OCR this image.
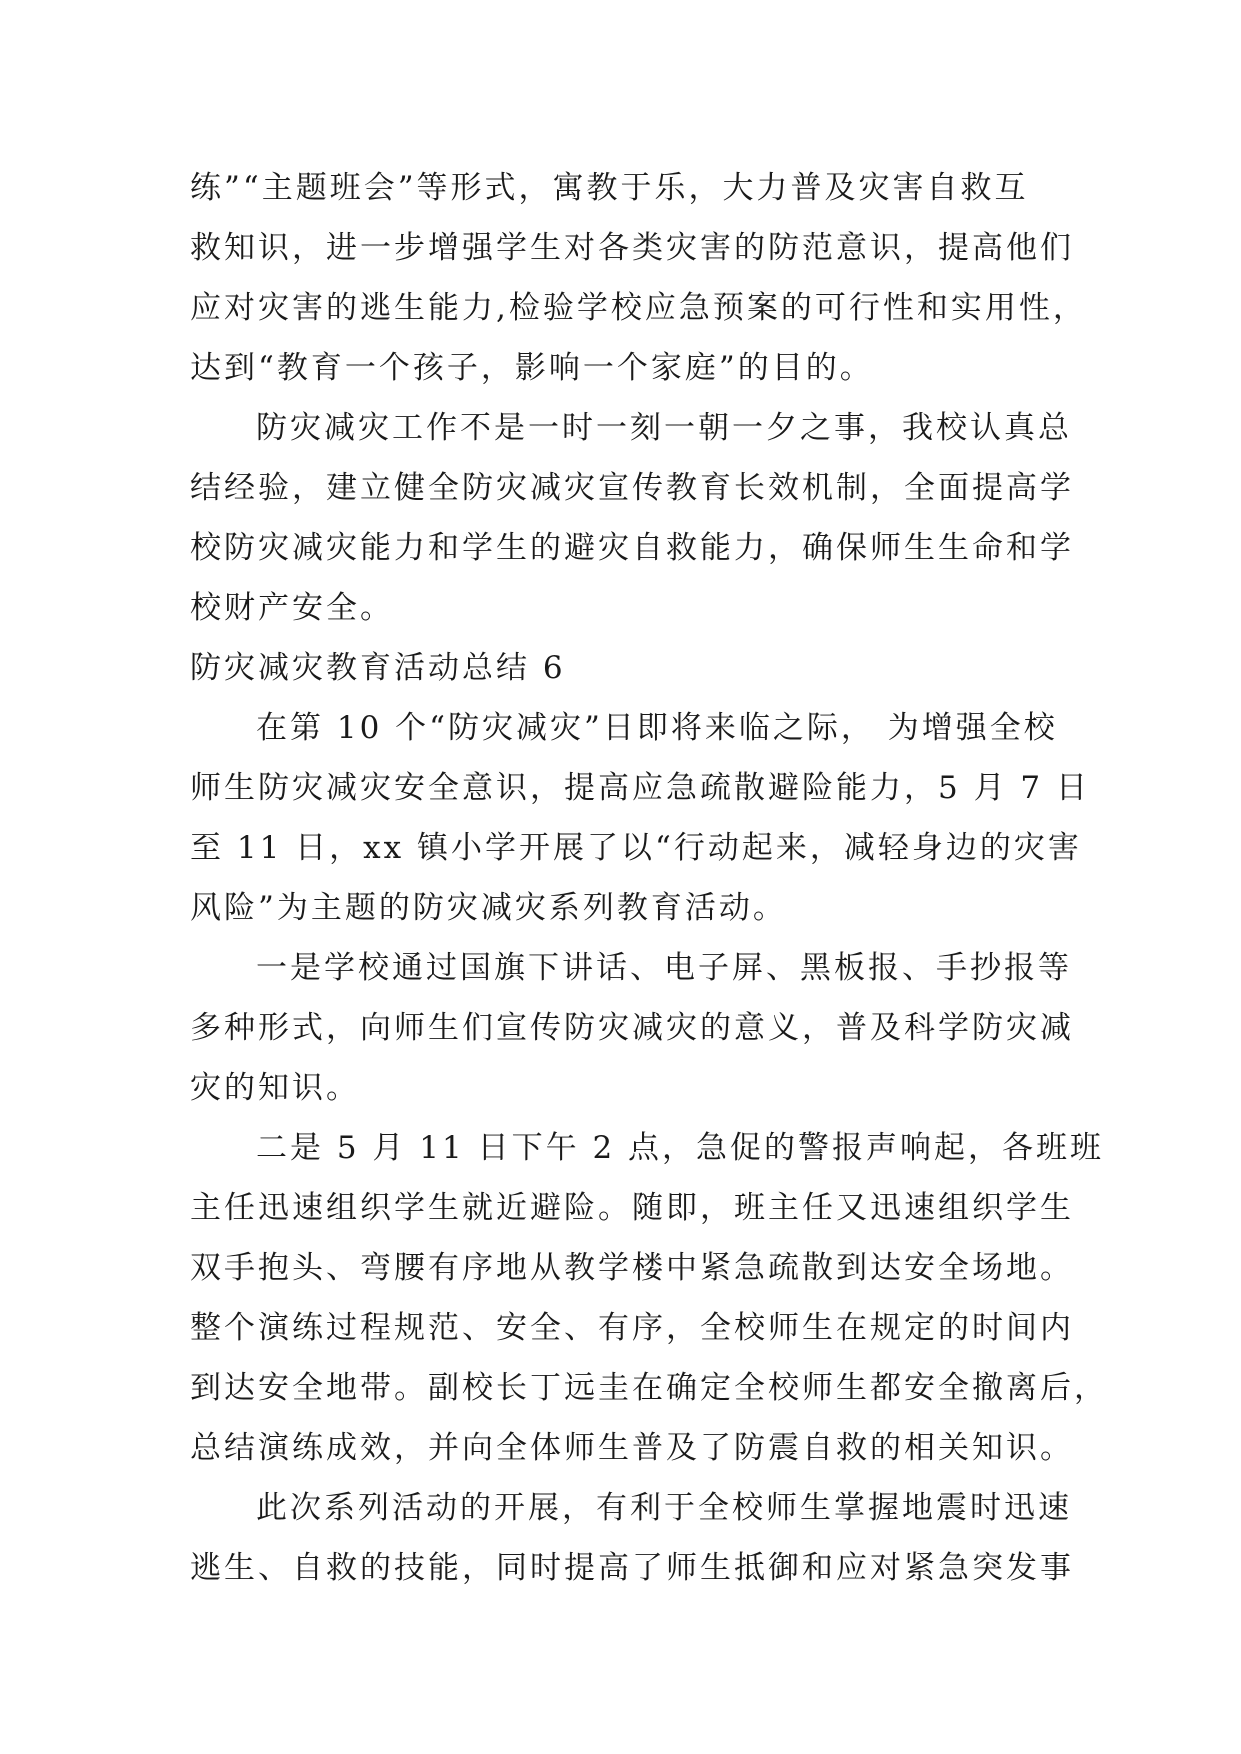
练”“主题班会”等形式，寓教于乐，大力普及灾害自救互
救知识，进一步增强学生对各类灾害的防范意识，提高他们
应对灾害的逃生能力,检验学校应急预案的可行性和实用性，
达到“教育一个孩子，影响一个家庭”的目的。
防灾减灾工作不是一时一刻一朝一夕之事，我校认真总
结经验，建立健全防灾减灾宣传教育长效机制，全面提高学
校防灾减灾能力和学生的避灾自救能力，确保师生生命和学
校财产安全。
防灾减灾教育活动总结 6
在第 10 个“防灾减灾”日即将来临之际， 为增强全校
师生防灾减灾安全意识，提高应急疏散避险能力，5 月 7 日
至 11 日，xx 镇小学开展了以“行动起来，减轻身边的灾害
风险”为主题的防灾减灾系列教育活动。
一是学校通过国旗下讲话、电子屏、黑板报、手抄报等
多种形式，向师生们宣传防灾减灾的意义，普及科学防灾减
灾的知识。
二是 5 月 11 日下午 2 点，急促的警报声响起，各班班
主任迅速组织学生就近避险。随即，班主任又迅速组织学生
双手抱头、弯腰有序地从教学楼中紧急疏散到达安全场地。
整个演练过程规范、安全、有序，全校师生在规定的时间内
到达安全地带。副校长丁远圭在确定全校师生都安全撤离后，
总结演练成效，并向全体师生普及了防震自救的相关知识。
此次系列活动的开展，有利于全校师生掌握地震时迅速
逃生、自救的技能，同时提高了师生抵御和应对紧急突发事
